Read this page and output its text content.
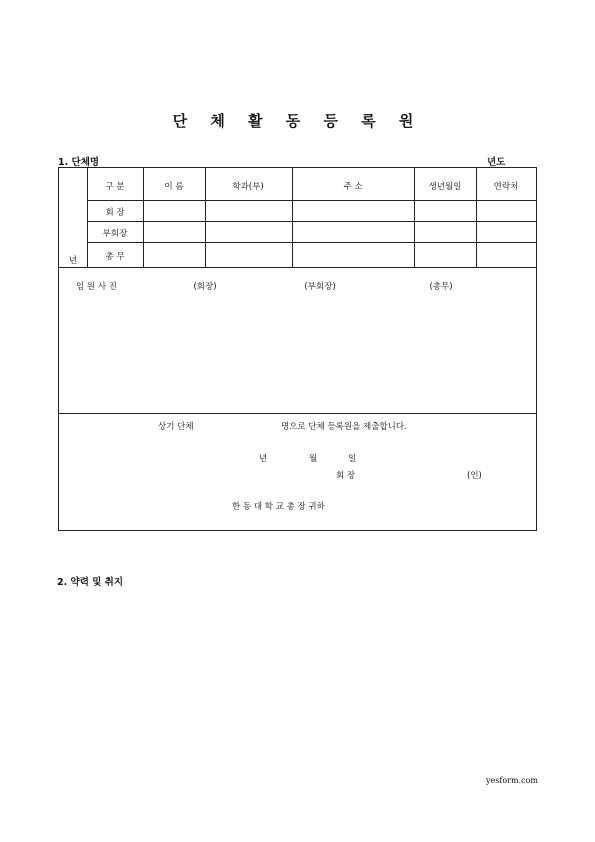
단 체 활 동 등 록 원
1. 단체명	년도
년
구 분	이 름	학과(부)	주 소	생년월일	연락처
회 장
부회장
총 무
임 원 사 진	(회장)	(부회장)	(총무)
상기 단체	명으로 단체 등록원을 제출합니다.
년	월	일
회 장	(인)
한 동 대 학 교 총 장 귀하
2. 약력 및 취지
yesform.com
